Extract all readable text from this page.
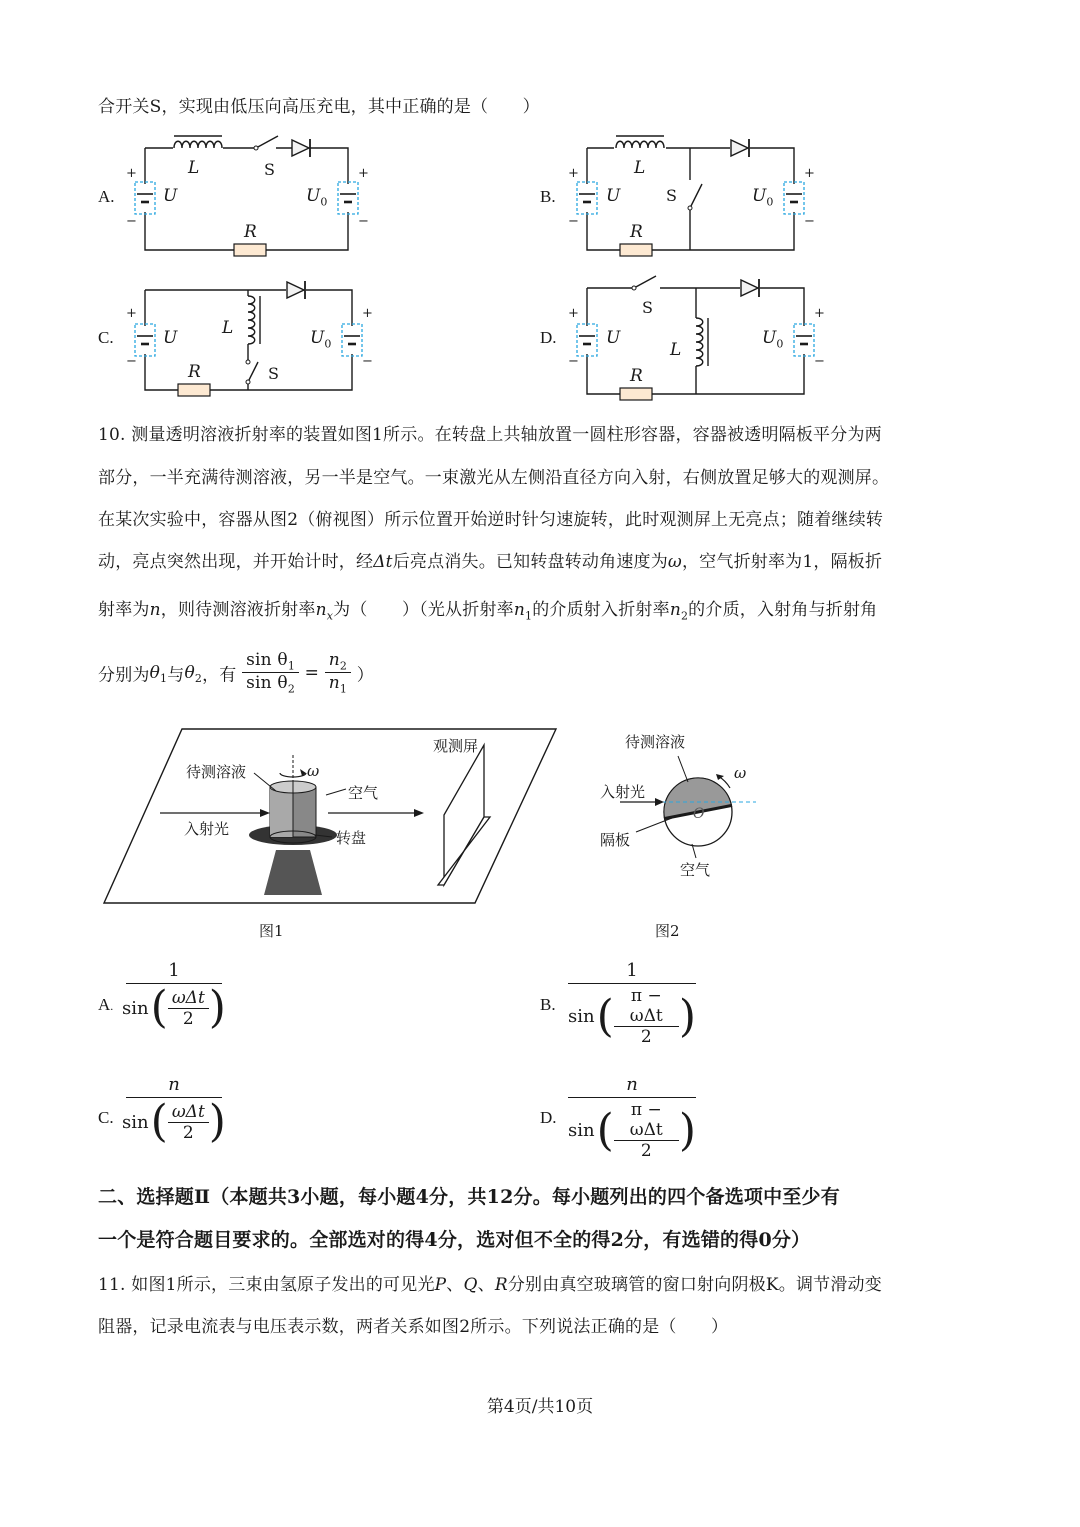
合开关S，实现由低压向高压充电，其中正确的是（　　）
A.	B.
C.	D.
L	S
U	$U_0$
R
+
−
+
−
L
S
U	$U_0$
R
+
−
+
−
L
S
U	$U_0$
R
+
−
+
−
S
L
U	$U_0$
R
+
−
+
−
10. 测量透明溶液折射率的装置如图1所示。在转盘上共轴放置一圆柱形容器，容器被透明隔板平分为两
部分，一半充满待测溶液，另一半是空气。一束激光从左侧沿直径方向入射，右侧放置足够大的观测屏。
在某次实验中，容器从图2（俯视图）所示位置开始逆时针匀速旋转，此时观测屏上无亮点；随着继续转
动，亮点突然出现，并开始计时，经Δt后亮点消失。已知转盘转动角速度为ω，空气折射率为1，隔板折
射率为n，则待测溶液折射率$n_x$为（　　）（光从折射率$n_1$的介质射入折射率$n_2$的介质，入射角与折射角
分别为$\theta_1$与$\theta_2$，有 $\frac{\sin \theta_1}{\sin \theta_2} = \frac{n_2}{n_1}$ ）
待测溶液	ω
空气
观测屏
入射光	转盘
图1
待测溶液
ω
入射光
隔板
O
空气
图2
A.
1
sin ( $\frac{\text{ωΔt}}{2}$ )	B.
1
sin ( $\frac{\text{π − ωΔt}}{2}$ )
C.
n
sin ( $\frac{\text{ωΔt}}{2}$ )	D.
n
sin ( $\frac{\text{π − ωΔt}}{2}$ )
二、选择题Ⅱ（本题共3小题，每小题4分，共12分。每小题列出的四个备选项中至少有
一个是符合题目要求的。全部选对的得4分，选对但不全的得2分，有选错的得0分）
11. 如图1所示，三束由氢原子发出的可见光P、Q、R分别由真空玻璃管的窗口射向阴极K。调节滑动变
阻器，记录电流表与电压表示数，两者关系如图2所示。下列说法正确的是（　　）
第4页/共10页
